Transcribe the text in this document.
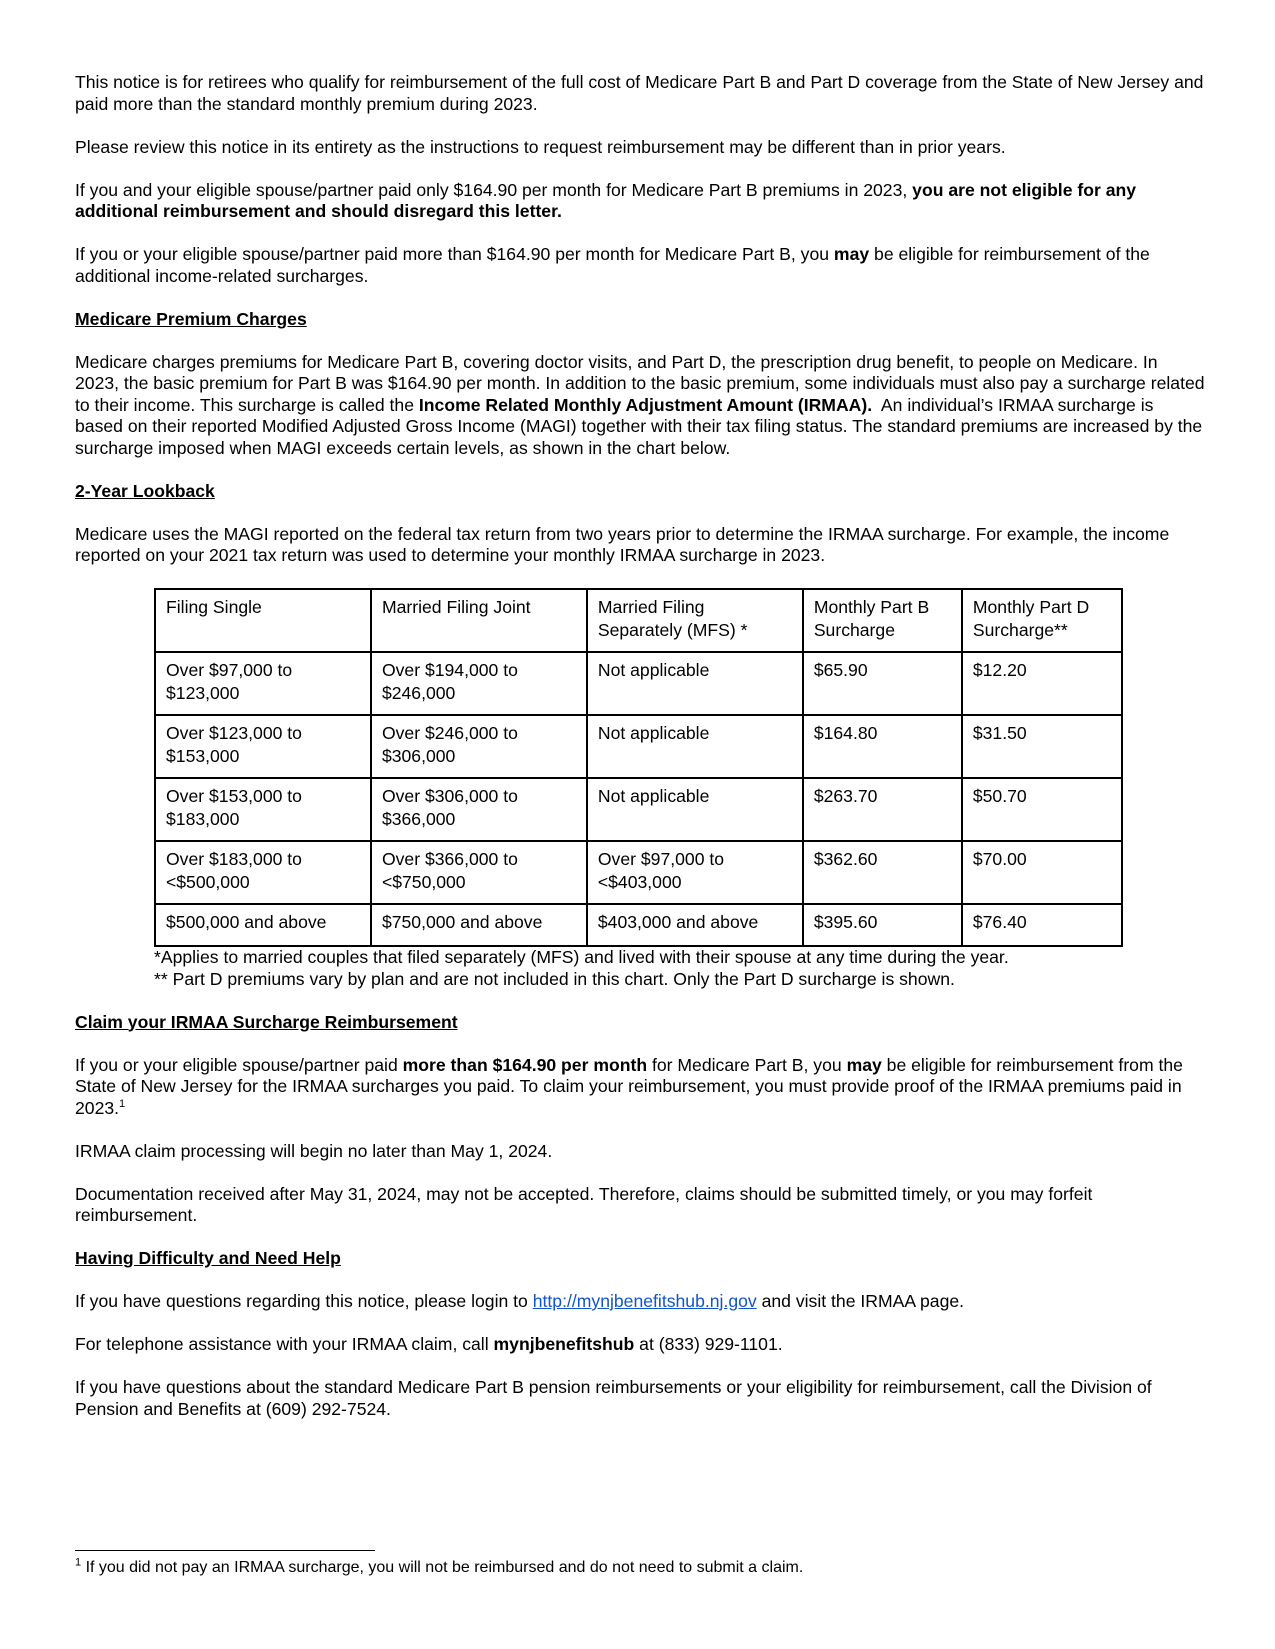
This notice is for retirees who qualify for reimbursement of the full cost of Medicare Part B and Part D coverage from the State of New Jersey and paid more than the standard monthly premium during 2023.

Please review this notice in its entirety as the instructions to request reimbursement may be different than in prior years.

If you and your eligible spouse/partner paid only $164.90 per month for Medicare Part B premiums in 2023, you are not eligible for any additional reimbursement and should disregard this letter.

If you or your eligible spouse/partner paid more than $164.90 per month for Medicare Part B, you may be eligible for reimbursement of the additional income-related surcharges.

Medicare Premium Charges

Medicare charges premiums for Medicare Part B, covering doctor visits, and Part D, the prescription drug benefit, to people on Medicare. In 2023, the basic premium for Part B was $164.90 per month. In addition to the basic premium, some individuals must also pay a surcharge related to their income. This surcharge is called the Income Related Monthly Adjustment Amount (IRMAA).  An individual’s IRMAA surcharge is based on their reported Modified Adjusted Gross Income (MAGI) together with their tax filing status. The standard premiums are increased by the surcharge imposed when MAGI exceeds certain levels, as shown in the chart below.

2-Year Lookback

Medicare uses the MAGI reported on the federal tax return from two years prior to determine the IRMAA surcharge. For example, the income reported on your 2021 tax return was used to determine your monthly IRMAA surcharge in 2023.

Filing Single	Married Filing Joint	Married Filing Separately (MFS) *	Monthly Part B Surcharge	Monthly Part D Surcharge**
Over $97,000 to $123,000	Over $194,000 to $246,000	Not applicable	$65.90	$12.20
Over $123,000 to $153,000	Over $246,000 to $306,000	Not applicable	$164.80	$31.50
Over $153,000 to $183,000	Over $306,000 to $366,000	Not applicable	$263.70	$50.70
Over $183,000 to <$500,000	Over $366,000 to <$750,000	Over $97,000 to <$403,000	$362.60	$70.00
$500,000 and above	$750,000 and above	$403,000 and above	$395.60	$76.40
*Applies to married couples that filed separately (MFS) and lived with their spouse at any time during the year.
** Part D premiums vary by plan and are not included in this chart. Only the Part D surcharge is shown.
Claim your IRMAA Surcharge Reimbursement

If you or your eligible spouse/partner paid more than $164.90 per month for Medicare Part B, you may be eligible for reimbursement from the State of New Jersey for the IRMAA surcharges you paid. To claim your reimbursement, you must provide proof of the IRMAA premiums paid in 2023.$^1$

IRMAA claim processing will begin no later than May 1, 2024.

Documentation received after May 31, 2024, may not be accepted. Therefore, claims should be submitted timely, or you may forfeit reimbursement.

Having Difficulty and Need Help

If you have questions regarding this notice, please login to http://mynjbenefitshub.nj.gov and visit the IRMAA page.

For telephone assistance with your IRMAA claim, call mynjbenefitshub at (833) 929-1101.

If you have questions about the standard Medicare Part B pension reimbursements or your eligibility for reimbursement, call the Division of Pension and Benefits at (609) 292-7524.

$^1$ If you did not pay an IRMAA surcharge, you will not be reimbursed and do not need to submit a claim.
